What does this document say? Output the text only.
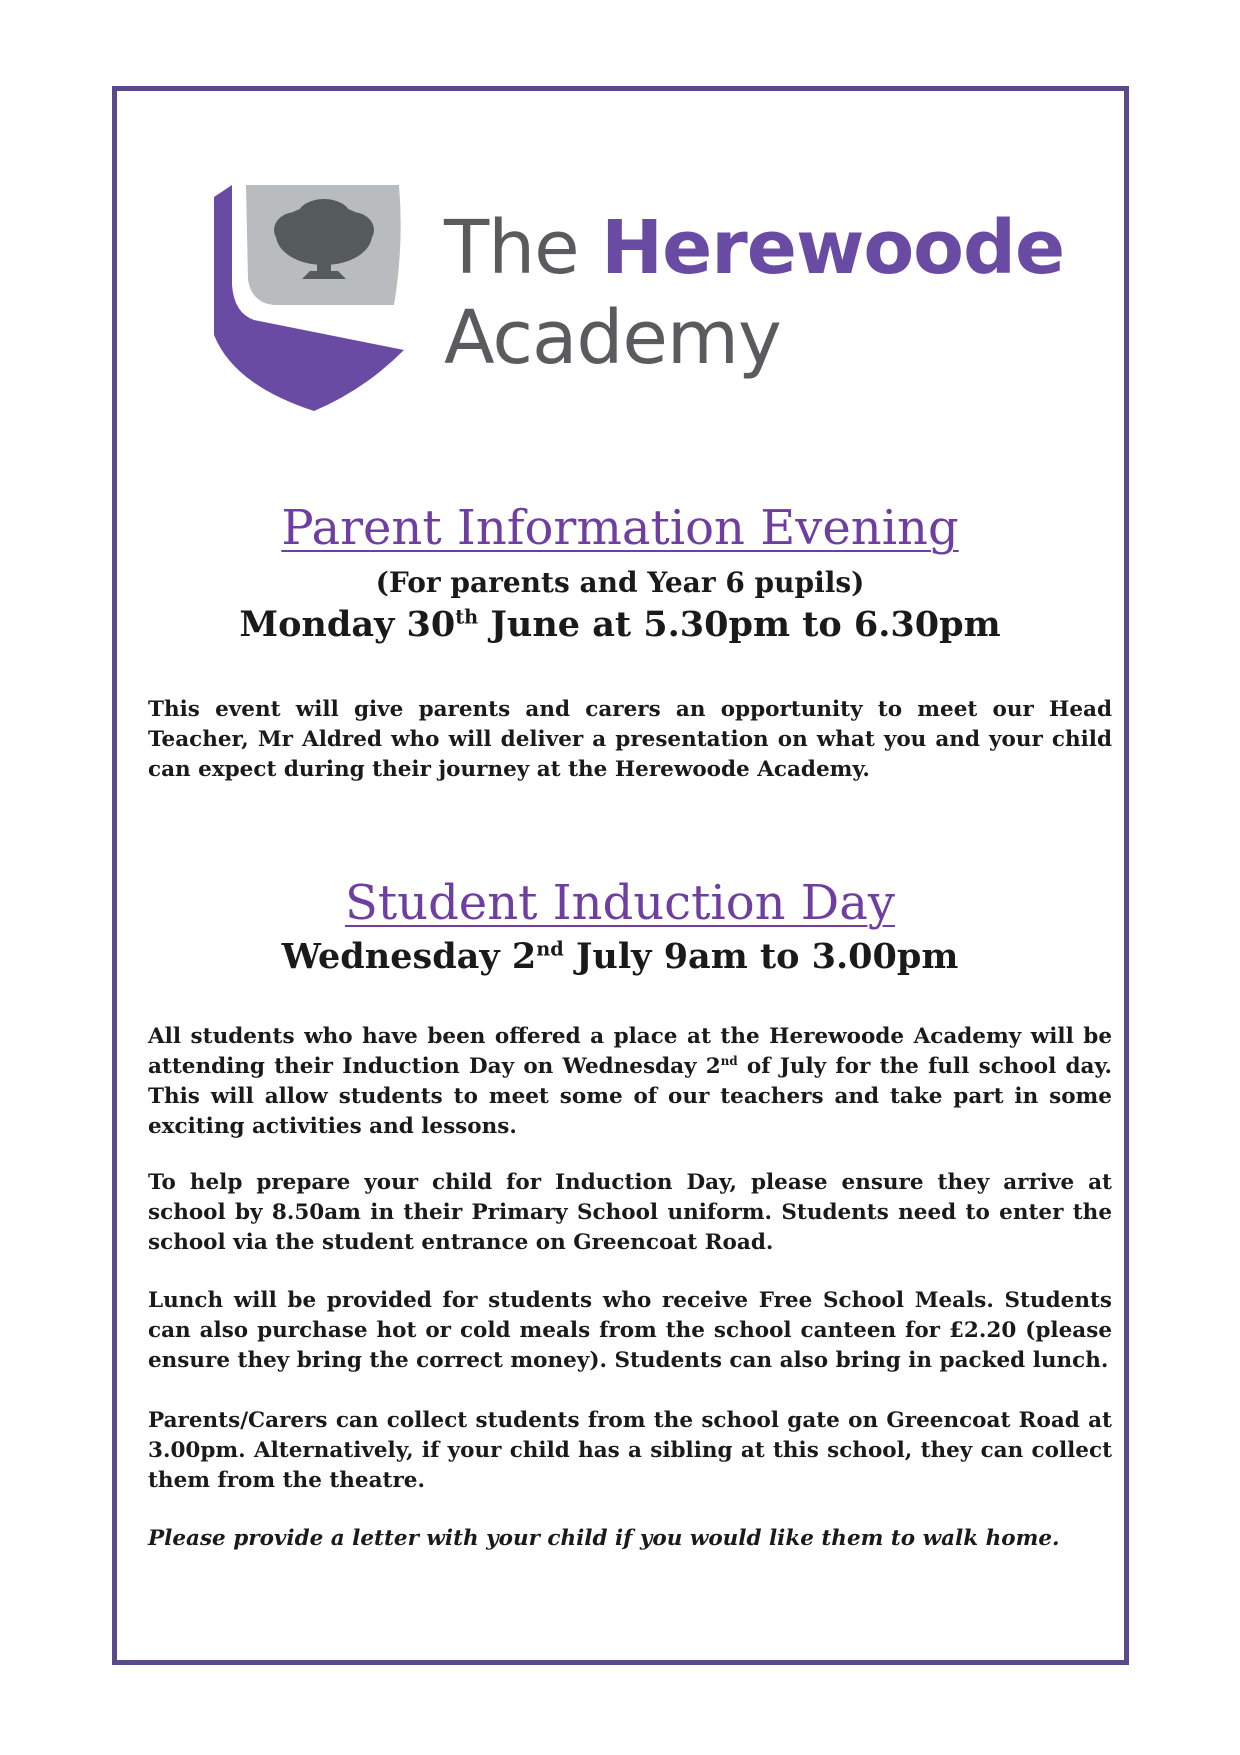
The Herewoode
Academy
Parent Information Evening
(For parents and Year 6 pupils)
Monday 30th June at 5.30pm to 6.30pm
This event will give parents and carers an opportunity to meet our Head Teacher, Mr Aldred who will deliver a presentation on what you and your child can expect during their journey at the Herewoode Academy.
Student Induction Day
Wednesday 2nd July 9am to 3.00pm
All students who have been offered a place at the Herewoode Academy will be attending their Induction Day on Wednesday 2nd of July for the full school day. This will allow students to meet some of our teachers and take part in some exciting activities and lessons.
To help prepare your child for Induction Day, please ensure they arrive at school by 8.50am in their Primary School uniform. Students need to enter the school via the student entrance on Greencoat Road.
Lunch will be provided for students who receive Free School Meals. Students can also purchase hot or cold meals from the school canteen for £2.20 (please ensure they bring the correct money). Students can also bring in packed lunch.
Parents/Carers can collect students from the school gate on Greencoat Road at 3.00pm. Alternatively, if your child has a sibling at this school, they can collect them from the theatre.
Please provide a letter with your child if you would like them to walk home.
